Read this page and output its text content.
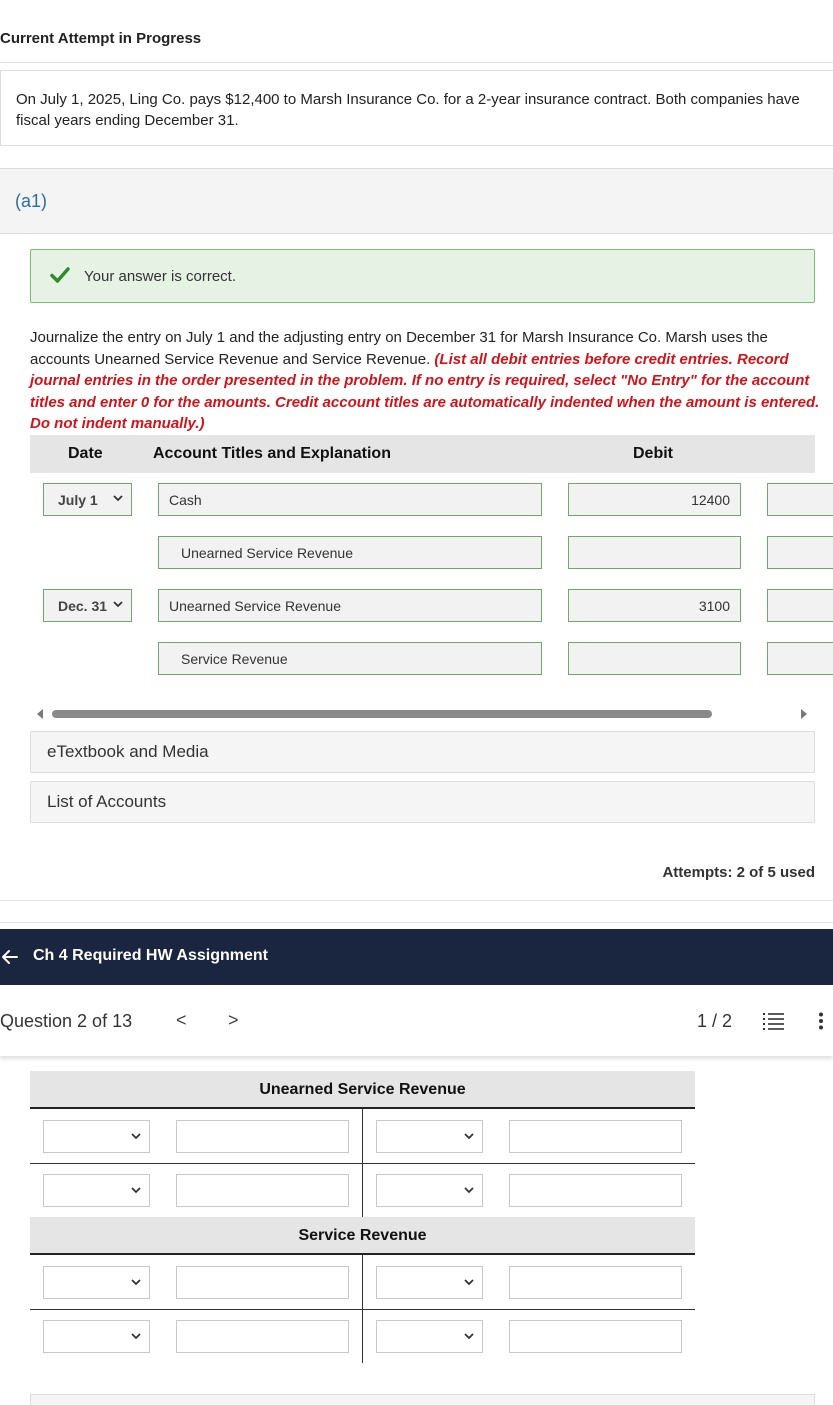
Current Attempt in Progress
On July 1, 2025, Ling Co. pays $12,400 to Marsh Insurance Co. for a 2-year insurance contract. Both companies have fiscal years ending December 31.
(a1)
Your answer is correct.
Journalize the entry on July 1 and the adjusting entry on December 31 for Marsh Insurance Co. Marsh uses the accounts Unearned Service Revenue and Service Revenue. (List all debit entries before credit entries. Record journal entries in the order presented in the problem. If no entry is required, select "No Entry" for the account titles and enter 0 for the amounts. Credit account titles are automatically indented when the amount is entered. Do not indent manually.)
Date	Account Titles and Explanation	Debit
July 1	Cash	12400
Unearned Service Revenue
Dec. 31	Unearned Service Revenue	3100
Service Revenue
eTextbook and Media
List of Accounts
Attempts: 2 of 5 used
Ch 4 Required HW Assignment
Question 2 of 13 < >	1 / 2
Unearned Service Revenue
Service Revenue
